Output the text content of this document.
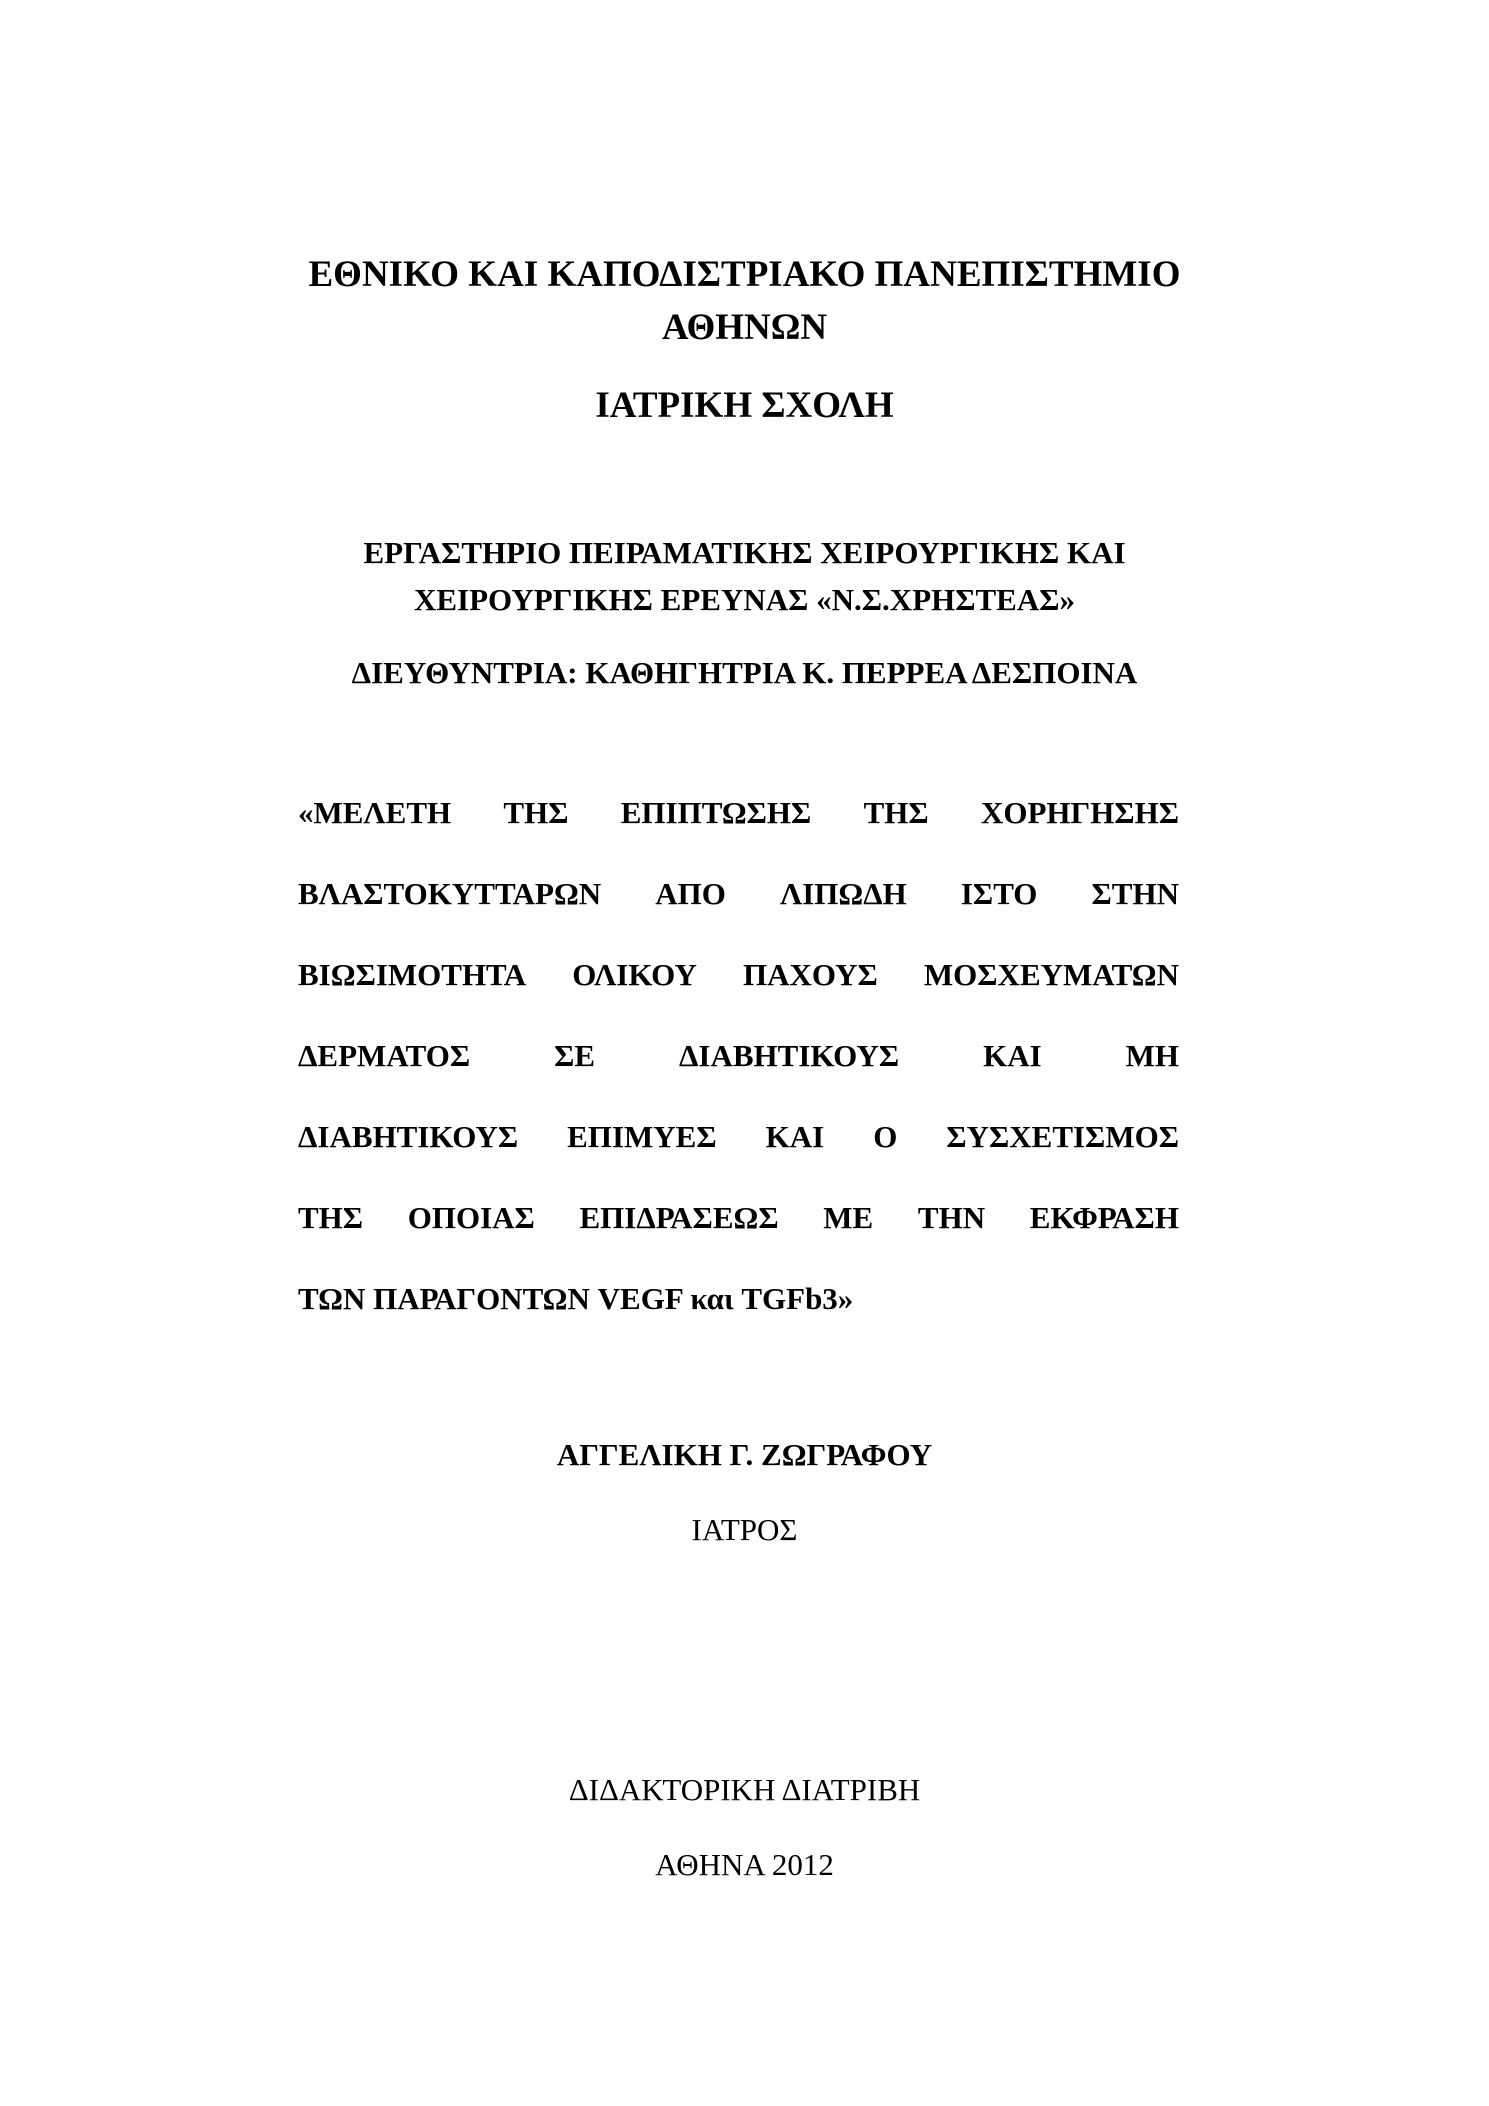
ΕΘΝΙΚΟ ΚΑΙ ΚΑΠΟΔΙΣΤΡΙΑΚΟ ΠΑΝΕΠΙΣΤΗΜΙΟ

ΑΘΗΝΩΝ

ΙΑΤΡΙΚΗ ΣΧΟΛΗ

ΕΡΓΑΣΤΗΡΙΟ ΠΕΙΡΑΜΑΤΙΚΗΣ ΧΕΙΡΟΥΡΓΙΚΗΣ ΚΑΙ

ΧΕΙΡΟΥΡΓΙΚΗΣ ΕΡΕΥΝΑΣ «Ν.Σ.ΧΡΗΣΤΕΑΣ»

ΔΙΕΥΘΥΝΤΡΙΑ: ΚΑΘΗΓΗΤΡΙΑ Κ. ΠΕΡΡΕΑ ΔΕΣΠΟΙΝΑ

«ΜΕΛΕΤΗ ΤΗΣ ΕΠΙΠΤΩΣΗΣ ΤΗΣ ΧΟΡΗΓΗΣΗΣ

ΒΛΑΣΤΟΚΥΤΤΑΡΩΝ ΑΠΟ ΛΙΠΩΔΗ ΙΣΤΟ ΣΤΗΝ

ΒΙΩΣΙΜΟΤΗΤΑ ΟΛΙΚΟΥ ΠΑΧΟΥΣ ΜΟΣΧΕΥΜΑΤΩΝ

ΔΕΡΜΑΤΟΣ	ΣΕ	ΔΙΑΒΗΤΙΚΟΥΣ	ΚΑΙ	ΜΗ

ΔΙΑΒΗΤΙΚΟΥΣ ΕΠΙΜΥΕΣ ΚΑΙ Ο ΣΥΣΧΕΤΙΣΜΟΣ

ΤΗΣ ΟΠΟΙΑΣ ΕΠΙΔΡΑΣΕΩΣ ΜΕ ΤΗΝ ΕΚΦΡΑΣΗ

ΤΩΝ ΠΑΡΑΓΟΝΤΩΝ VEGF και TGFb3»

ΑΓΓΕΛΙΚΗ Γ. ΖΩΓΡΑΦΟΥ

ΙΑΤΡΟΣ

ΔΙΔΑΚΤΟΡΙΚΗ ΔΙΑΤΡΙΒΗ

ΑΘΗΝΑ 2012
